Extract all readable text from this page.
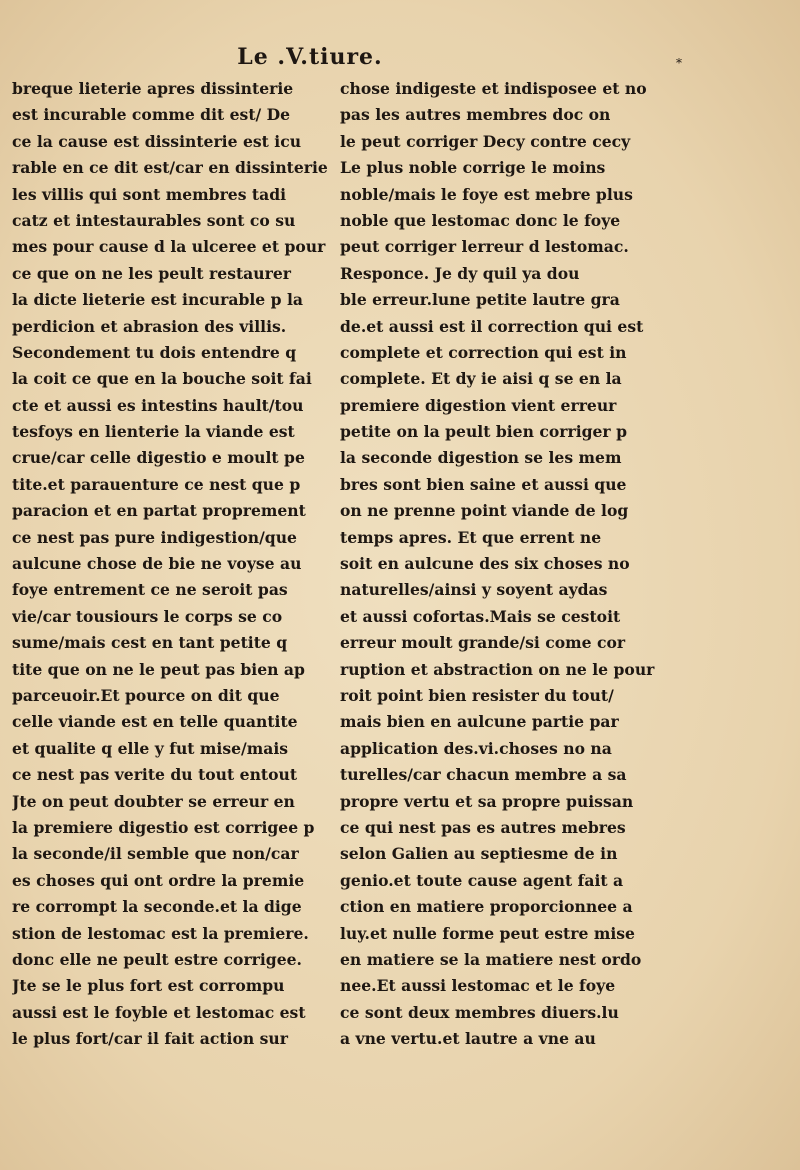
Le .V.tiure.	*
breque lieterie apres dissinterie
est incurable comme dit est/ De
ce la cause est dissinterie est icu
rable en ce dit est/car en dissinterie
les villis qui sont membres tadi
catz et intestaurables sont co su
mes pour cause d la ulceree et pour
ce que on ne les peult restaurer
la dicte lieterie est incurable p la
perdicion et abrasion des villis.
Secondement tu dois entendre q
la coit ce que en la bouche soit fai
cte et aussi es intestins hault/tou
tesfoys en lienterie la viande est
crue/car celle digestio e moult pe
tite.et parauenture ce nest que p
paracion et en partat proprement
ce nest pas pure indigestion/que
aulcune chose de bie ne voyse au
foye entrement ce ne seroit pas
vie/car tousiours le corps se co
sume/mais cest en tant petite q
tite que on ne le peut pas bien ap
parceuoir.Et pource on dit que
celle viande est en telle quantite
et qualite q elle y fut mise/mais
ce nest pas verite du tout entout
Jte on peut doubter se erreur en
la premiere digestio est corrigee p
la seconde/il semble que non/car
es choses qui ont ordre la premie
re corrompt la seconde.et la dige
stion de lestomac est la premiere.
donc elle ne peult estre corrigee.
Jte se le plus fort est corrompu
aussi est le foyble et lestomac est
le plus fort/car il fait action sur
chose indigeste et indisposee et no
pas les autres membres doc on
le peut corriger Decy contre cecy
Le plus noble corrige le moins
noble/mais le foye est mebre plus
noble que lestomac donc le foye
peut corriger lerreur d lestomac.
Responce. Je dy quil ya dou
ble erreur.lune petite lautre gra
de.et aussi est il correction qui est
complete et correction qui est in
complete. Et dy ie aisi q se en la
premiere digestion vient erreur
petite on la peult bien corriger p
la seconde digestion se les mem
bres sont bien saine et aussi que
on ne prenne point viande de log
temps apres. Et que errent ne
soit en aulcune des six choses no
naturelles/ainsi y soyent aydas
et aussi cofortas.Mais se cestoit
erreur moult grande/si come cor
ruption et abstraction on ne le pour
roit point bien resister du tout/
mais bien en aulcune partie par
application des.vi.choses no na
turelles/car chacun membre a sa
propre vertu et sa propre puissan
ce qui nest pas es autres mebres
selon Galien au septiesme de in
genio.et toute cause agent fait a
ction en matiere proporcionnee a
luy.et nulle forme peut estre mise
en matiere se la matiere nest ordo
nee.Et aussi lestomac et le foye
ce sont deux membres diuers.lu
a vne vertu.et lautre a vne au
